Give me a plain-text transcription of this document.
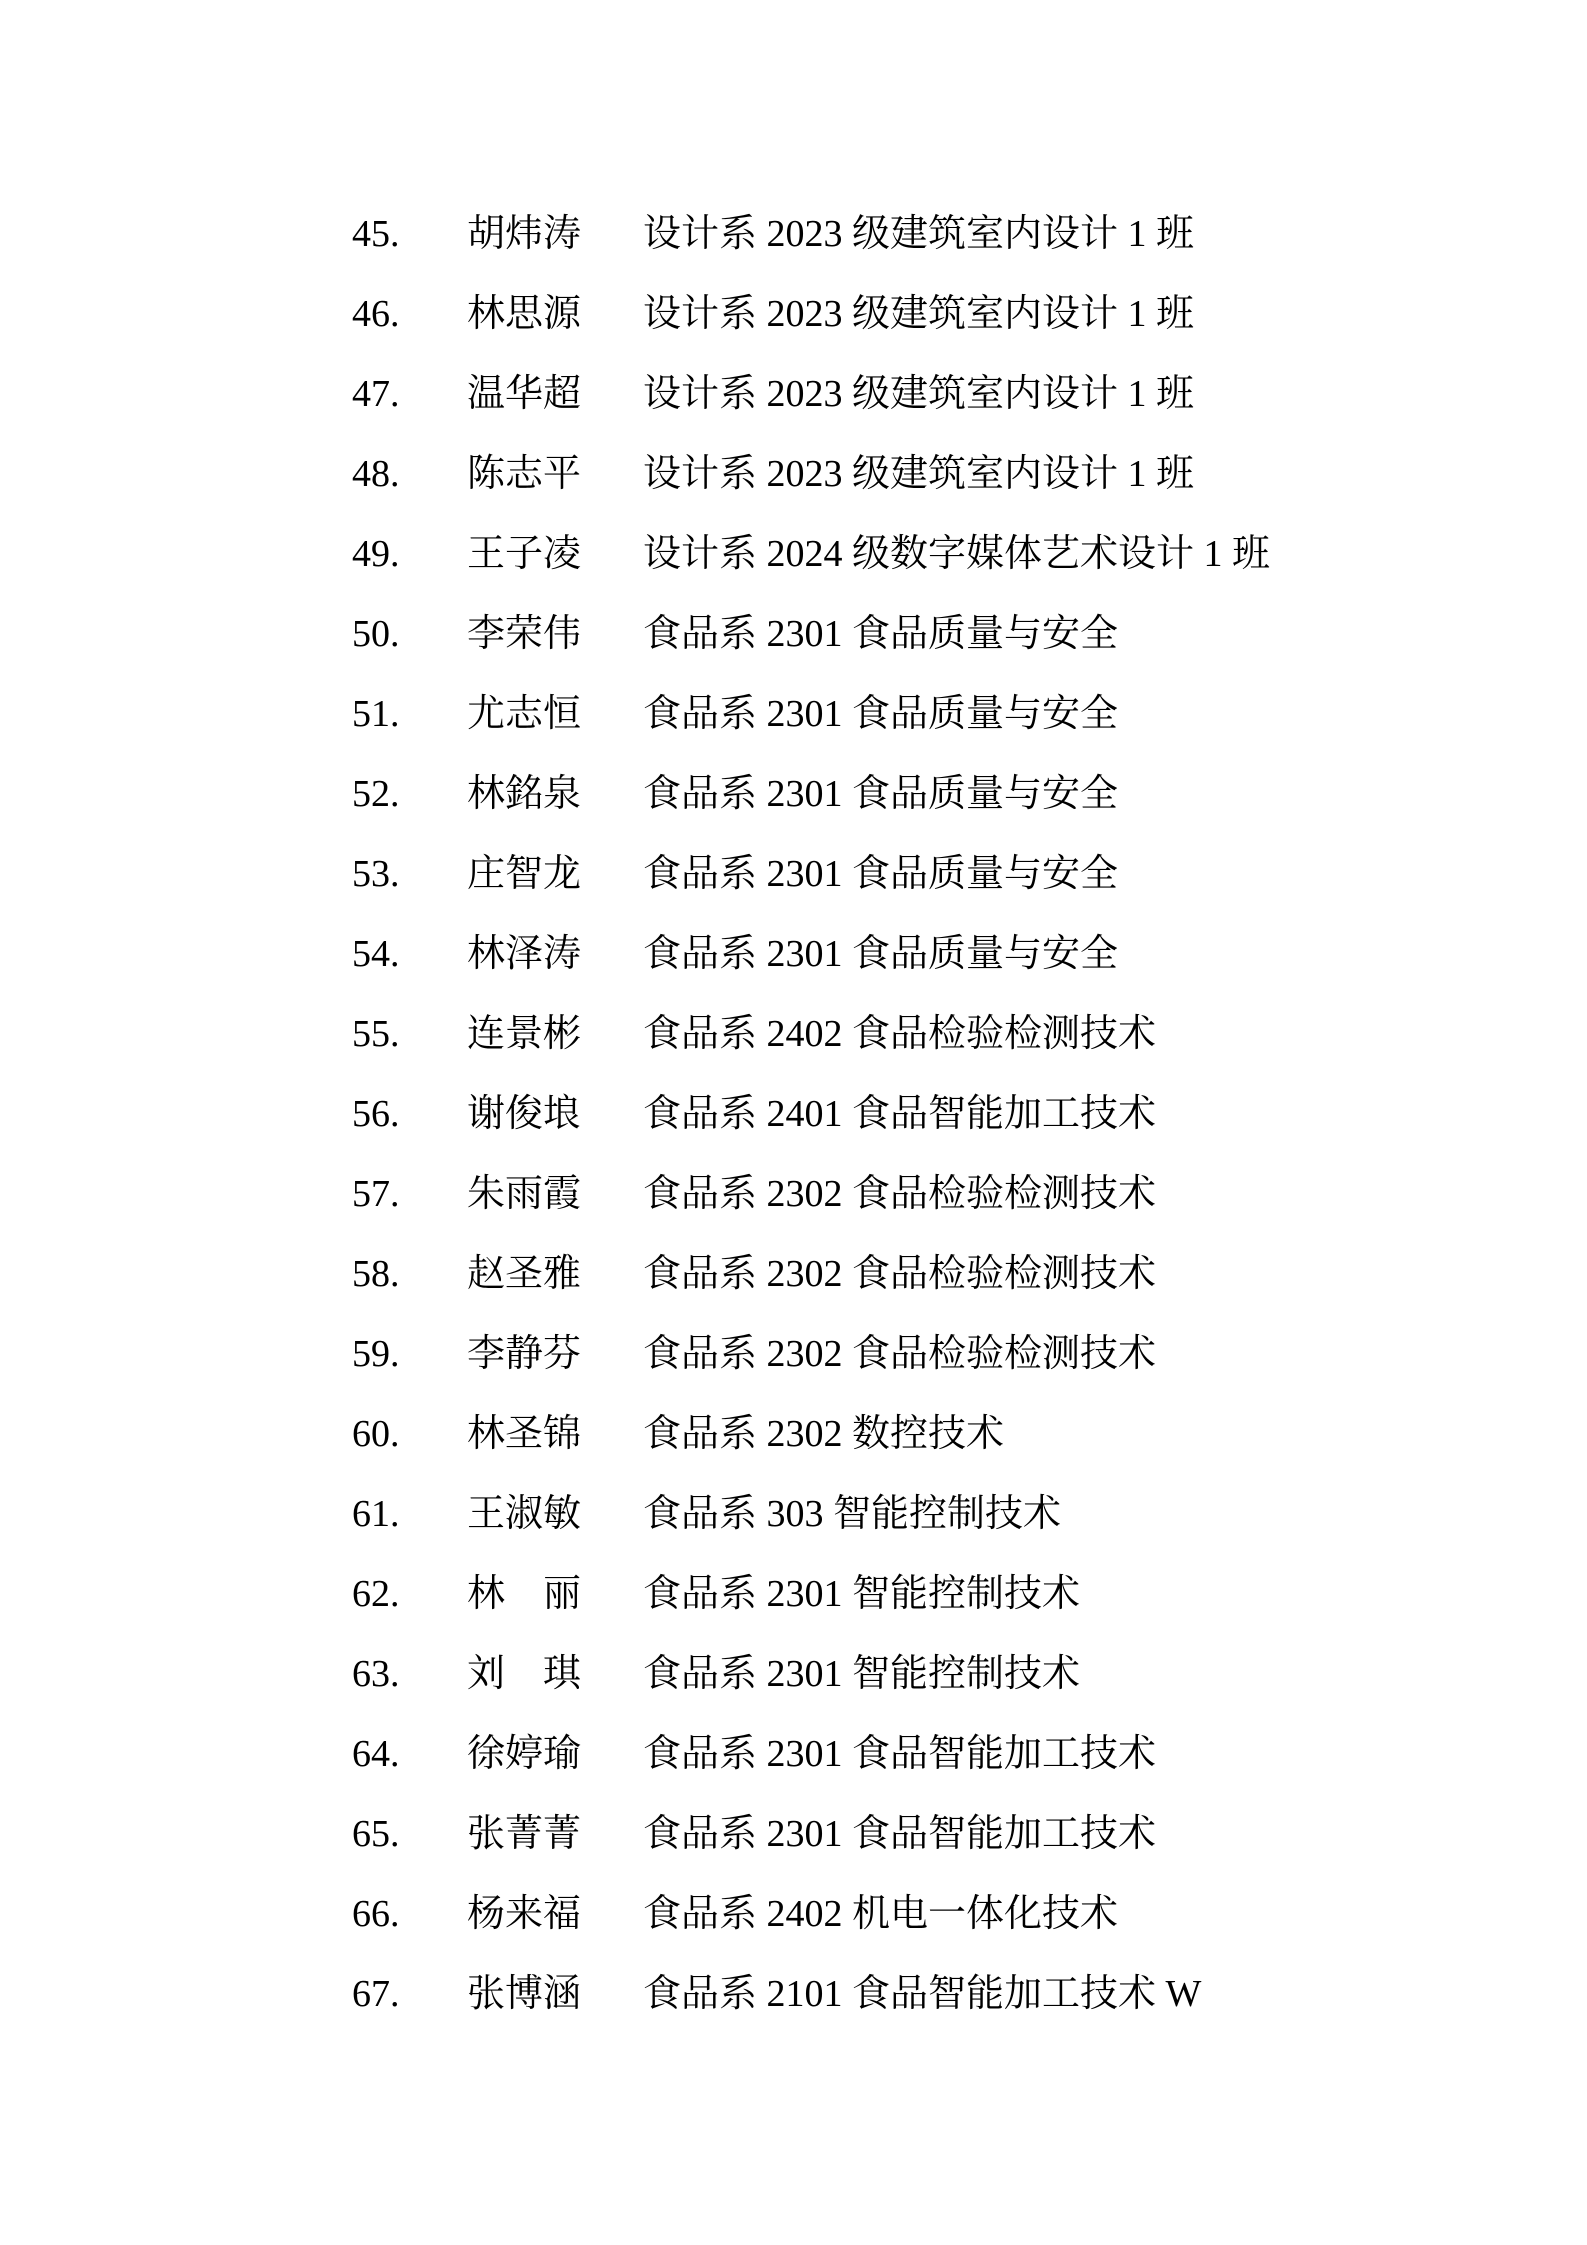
45.	胡炜涛	设计系 2023 级建筑室内设计 1 班
46.	林思源	设计系 2023 级建筑室内设计 1 班
47.	温华超	设计系 2023 级建筑室内设计 1 班
48.	陈志平	设计系 2023 级建筑室内设计 1 班
49.	王子凌	设计系 2024 级数字媒体艺术设计 1 班
50.	李荣伟	食品系 2301 食品质量与安全
51.	尤志恒	食品系 2301 食品质量与安全
52.	林銘泉	食品系 2301 食品质量与安全
53.	庄智龙	食品系 2301 食品质量与安全
54.	林泽涛	食品系 2301 食品质量与安全
55.	连景彬	食品系 2402 食品检验检测技术
56.	谢俊埌	食品系 2401 食品智能加工技术
57.	朱雨霞	食品系 2302 食品检验检测技术
58.	赵圣雅	食品系 2302 食品检验检测技术
59.	李静芬	食品系 2302 食品检验检测技术
60.	林圣锦	食品系 2302 数控技术
61.	王淑敏	食品系 303 智能控制技术
62.	林　丽	食品系 2301 智能控制技术
63.	刘　琪	食品系 2301 智能控制技术
64.	徐婷瑜	食品系 2301 食品智能加工技术
65.	张菁菁	食品系 2301 食品智能加工技术
66.	杨来福	食品系 2402 机电一体化技术
67.	张博涵	食品系 2101 食品智能加工技术 W
